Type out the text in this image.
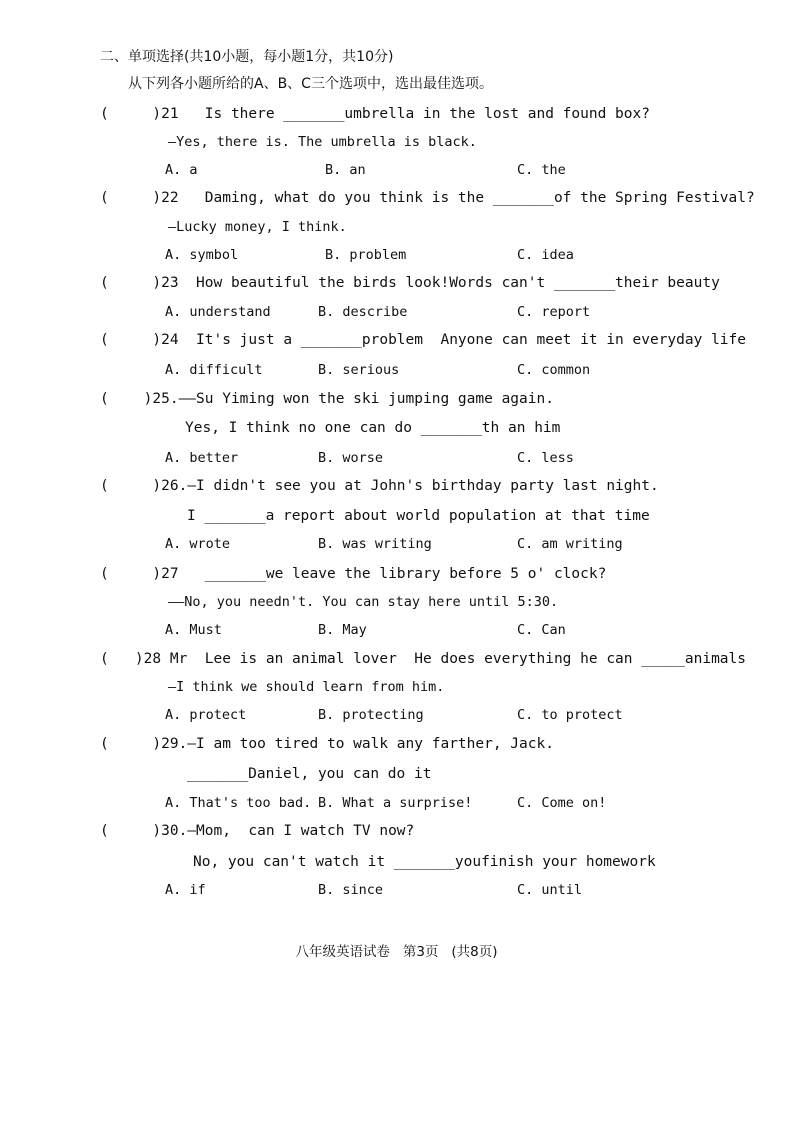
二、单项选择(共10小题，每小题1分，共10分)
从下列各小题所给的A、B、C三个选项中，选出最佳选项。
(     )21   Is there _______umbrella in the lost and found box?
—Yes, there is. The umbrella is black.
A. a	B. an	C. the
(     )22   Daming, what do you think is the _______of the Spring Festival?
—Lucky money, I think.
A. symbol	B. problem	C. idea
(     )23  How beautiful the birds look!Words can't _______their beauty
A. understand	B. describe	C. report
(     )24  It's just a _______problem  Anyone can meet it in everyday life
A. difficult	B. serious	C. common
(    )25.——Su Yiming won the ski jumping game again.
Yes, I think no one can do _______th an him
A. better	B. worse	C. less
(     )26.—I didn't see you at John's birthday party last night.
I _______a report about world population at that time
A. wrote	B. was writing	C. am writing
(     )27   _______we leave the library before 5 o' clock?
——No, you needn't. You can stay here until 5:30.
A. Must	B. May	C. Can
(   )28 Mr  Lee is an animal lover  He does everything he can _____animals
—I think we should learn from him.
A. protect	B. protecting	C. to protect
(     )29.—I am too tired to walk any farther, Jack.
_______Daniel, you can do it
A. That's too bad. B. What a surprise!	C. Come on!
(     )30.—Mom,  can I watch TV now?
No, you can't watch it _______youfinish your homework
A. if	B. since	C. until
八年级英语试卷   第3页   (共8页)
